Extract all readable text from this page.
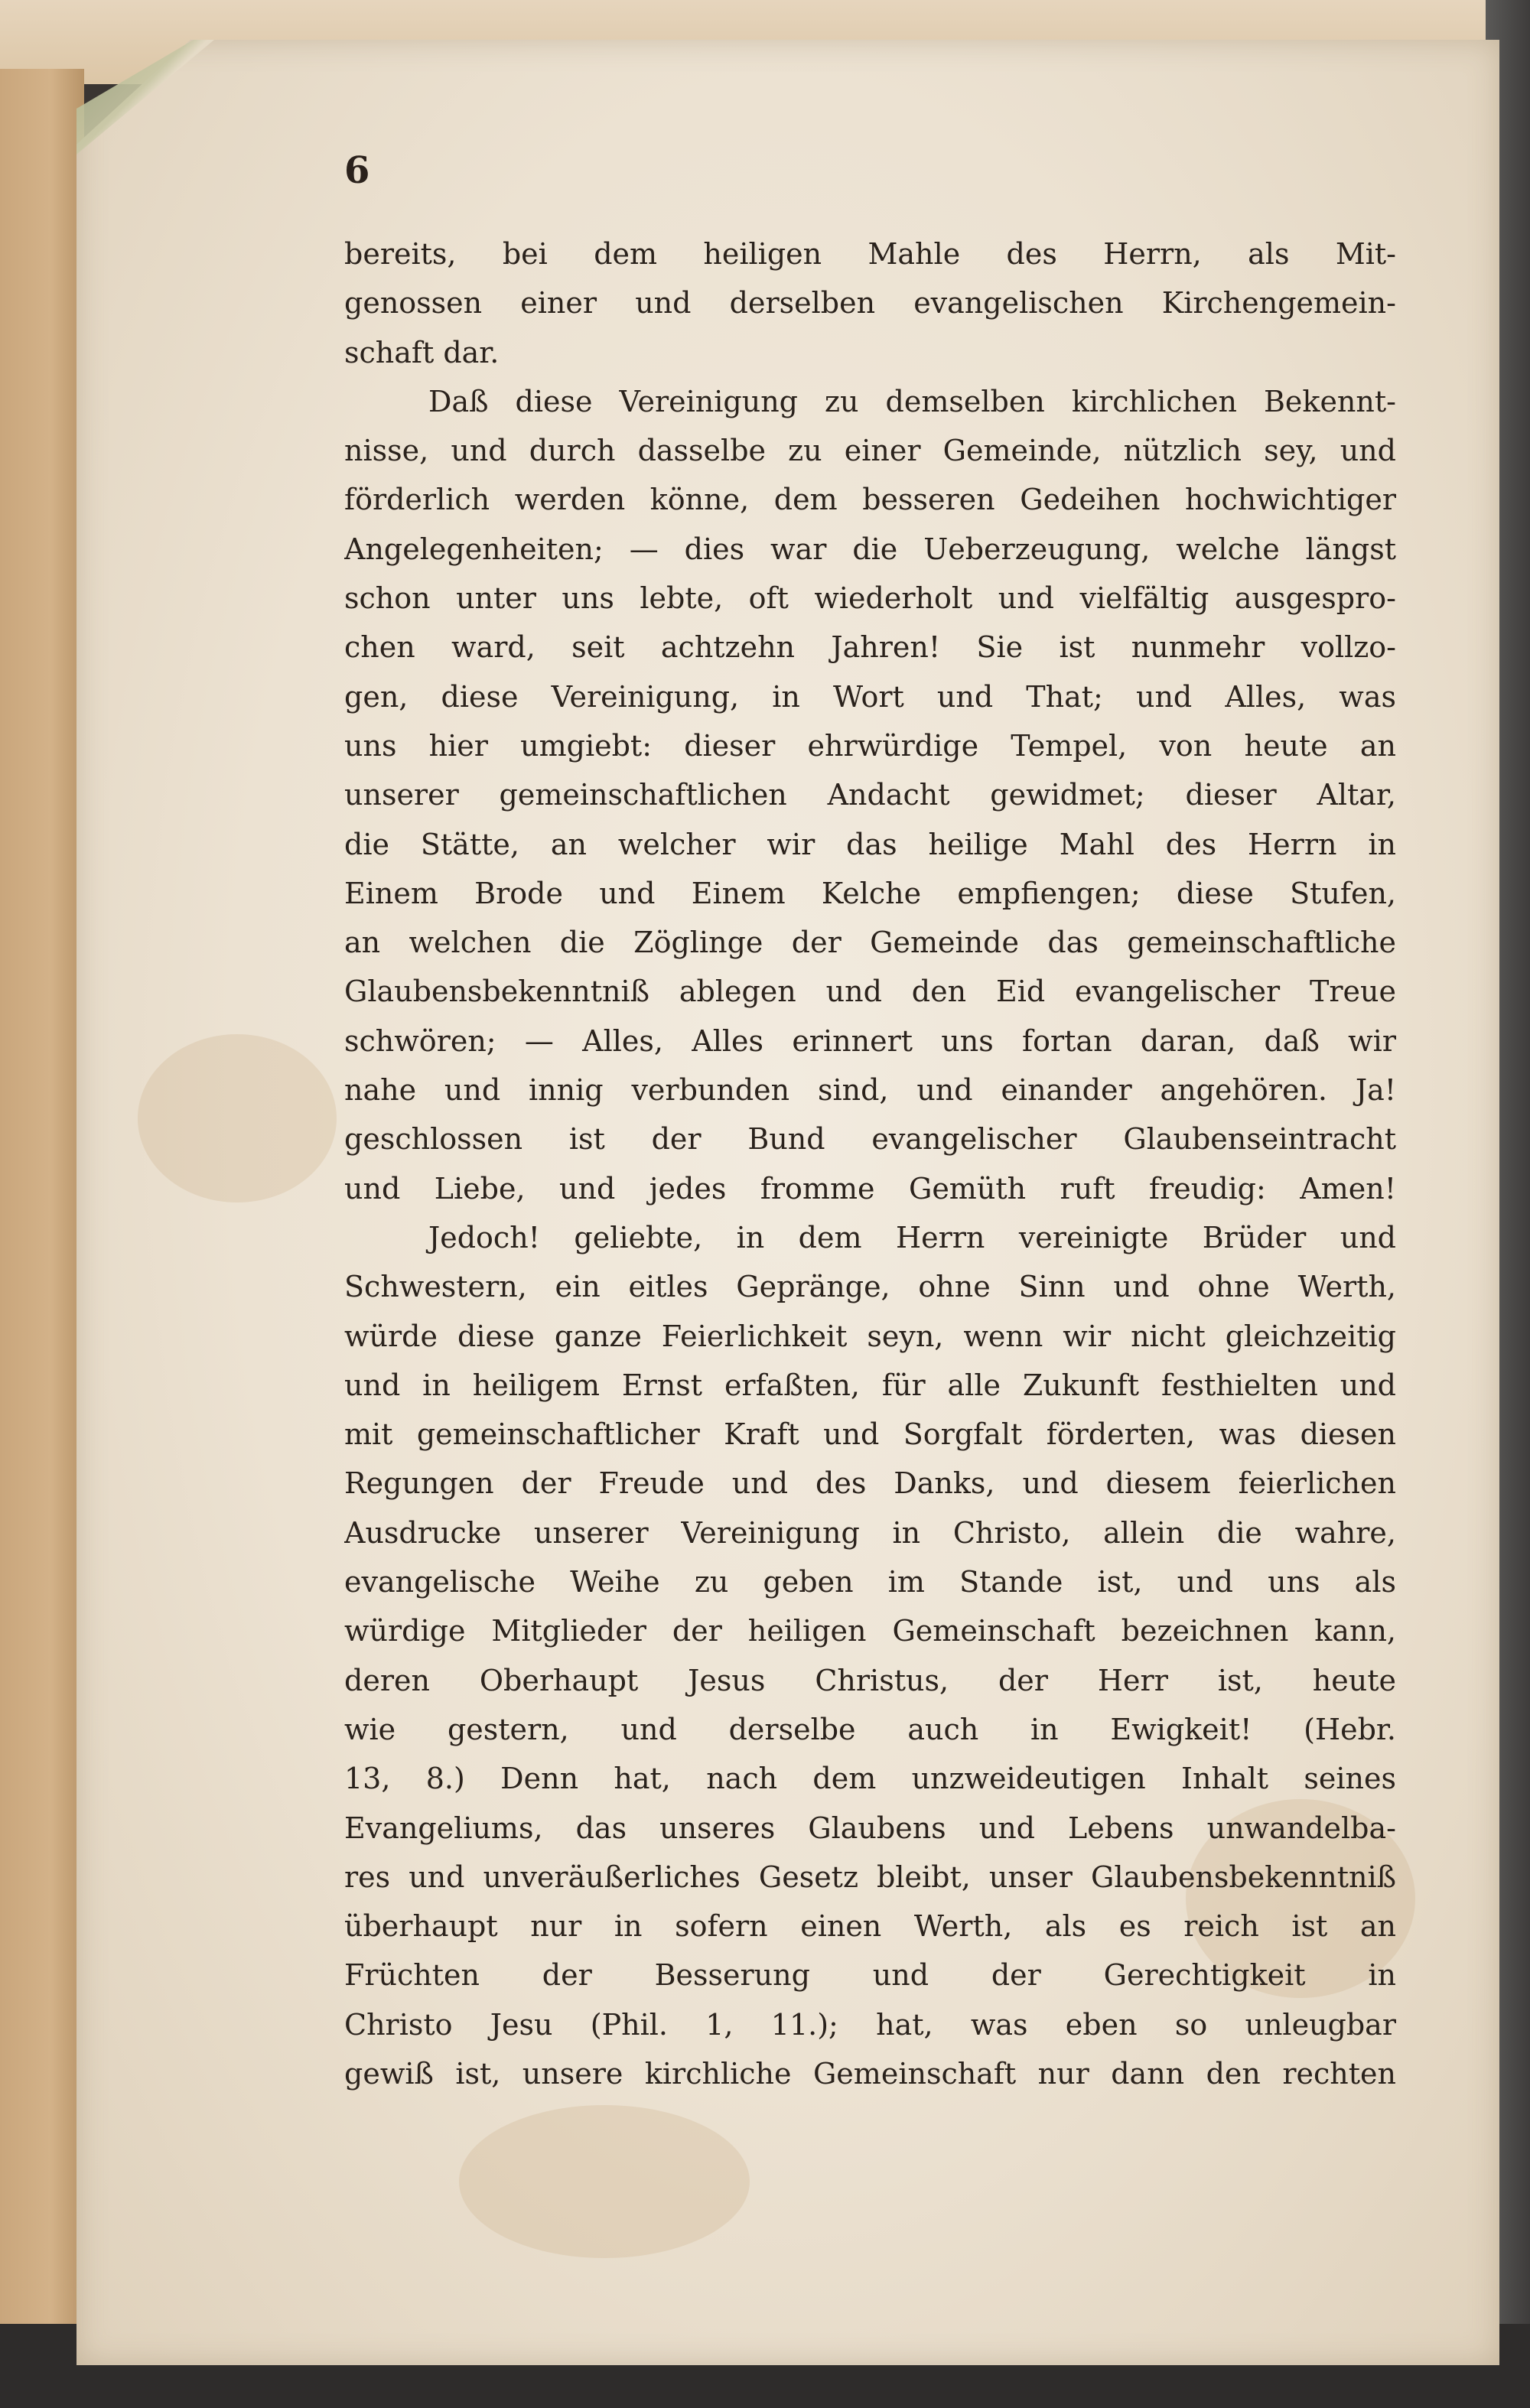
6
bereits, bei dem heiligen Mahle des Herrn, als Mit-
genossen einer und derselben evangelischen Kirchengemein-
schaft dar.
Daß diese Vereinigung zu demselben kirchlichen Bekennt-
nisse, und durch dasselbe zu einer Gemeinde, nützlich sey, und
förderlich werden könne, dem besseren Gedeihen hochwichtiger
Angelegenheiten; — dies war die Ueberzeugung, welche längst
schon unter uns lebte, oft wiederholt und vielfältig ausgespro-
chen ward, seit achtzehn Jahren! Sie ist nunmehr vollzo-
gen, diese Vereinigung, in Wort und That; und Alles, was
uns hier umgiebt: dieser ehrwürdige Tempel, von heute an
unserer gemeinschaftlichen Andacht gewidmet; dieser Altar,
die Stätte, an welcher wir das heilige Mahl des Herrn in
Einem Brode und Einem Kelche empfiengen; diese Stufen,
an welchen die Zöglinge der Gemeinde das gemeinschaftliche
Glaubensbekenntniß ablegen und den Eid evangelischer Treue
schwören; — Alles, Alles erinnert uns fortan daran, daß wir
nahe und innig verbunden sind, und einander angehören. Ja!
geschlossen ist der Bund evangelischer Glaubenseintracht
und Liebe, und jedes fromme Gemüth ruft freudig: Amen!
Jedoch! geliebte, in dem Herrn vereinigte Brüder und
Schwestern, ein eitles Gepränge, ohne Sinn und ohne Werth,
würde diese ganze Feierlichkeit seyn, wenn wir nicht gleichzeitig
und in heiligem Ernst erfaßten, für alle Zukunft festhielten und
mit gemeinschaftlicher Kraft und Sorgfalt förderten, was diesen
Regungen der Freude und des Danks, und diesem feierlichen
Ausdrucke unserer Vereinigung in Christo, allein die wahre,
evangelische Weihe zu geben im Stande ist, und uns als
würdige Mitglieder der heiligen Gemeinschaft bezeichnen kann,
deren Oberhaupt Jesus Christus, der Herr ist, heute
wie gestern, und derselbe auch in Ewigkeit! (Hebr.
13, 8.) Denn hat, nach dem unzweideutigen Inhalt seines
Evangeliums, das unseres Glaubens und Lebens unwandelba-
res und unveräußerliches Gesetz bleibt, unser Glaubensbekenntniß
überhaupt nur in sofern einen Werth, als es reich ist an
Früchten der Besserung und der Gerechtigkeit in
Christo Jesu (Phil. 1, 11.); hat, was eben so unleugbar
gewiß ist, unsere kirchliche Gemeinschaft nur dann den rechten
